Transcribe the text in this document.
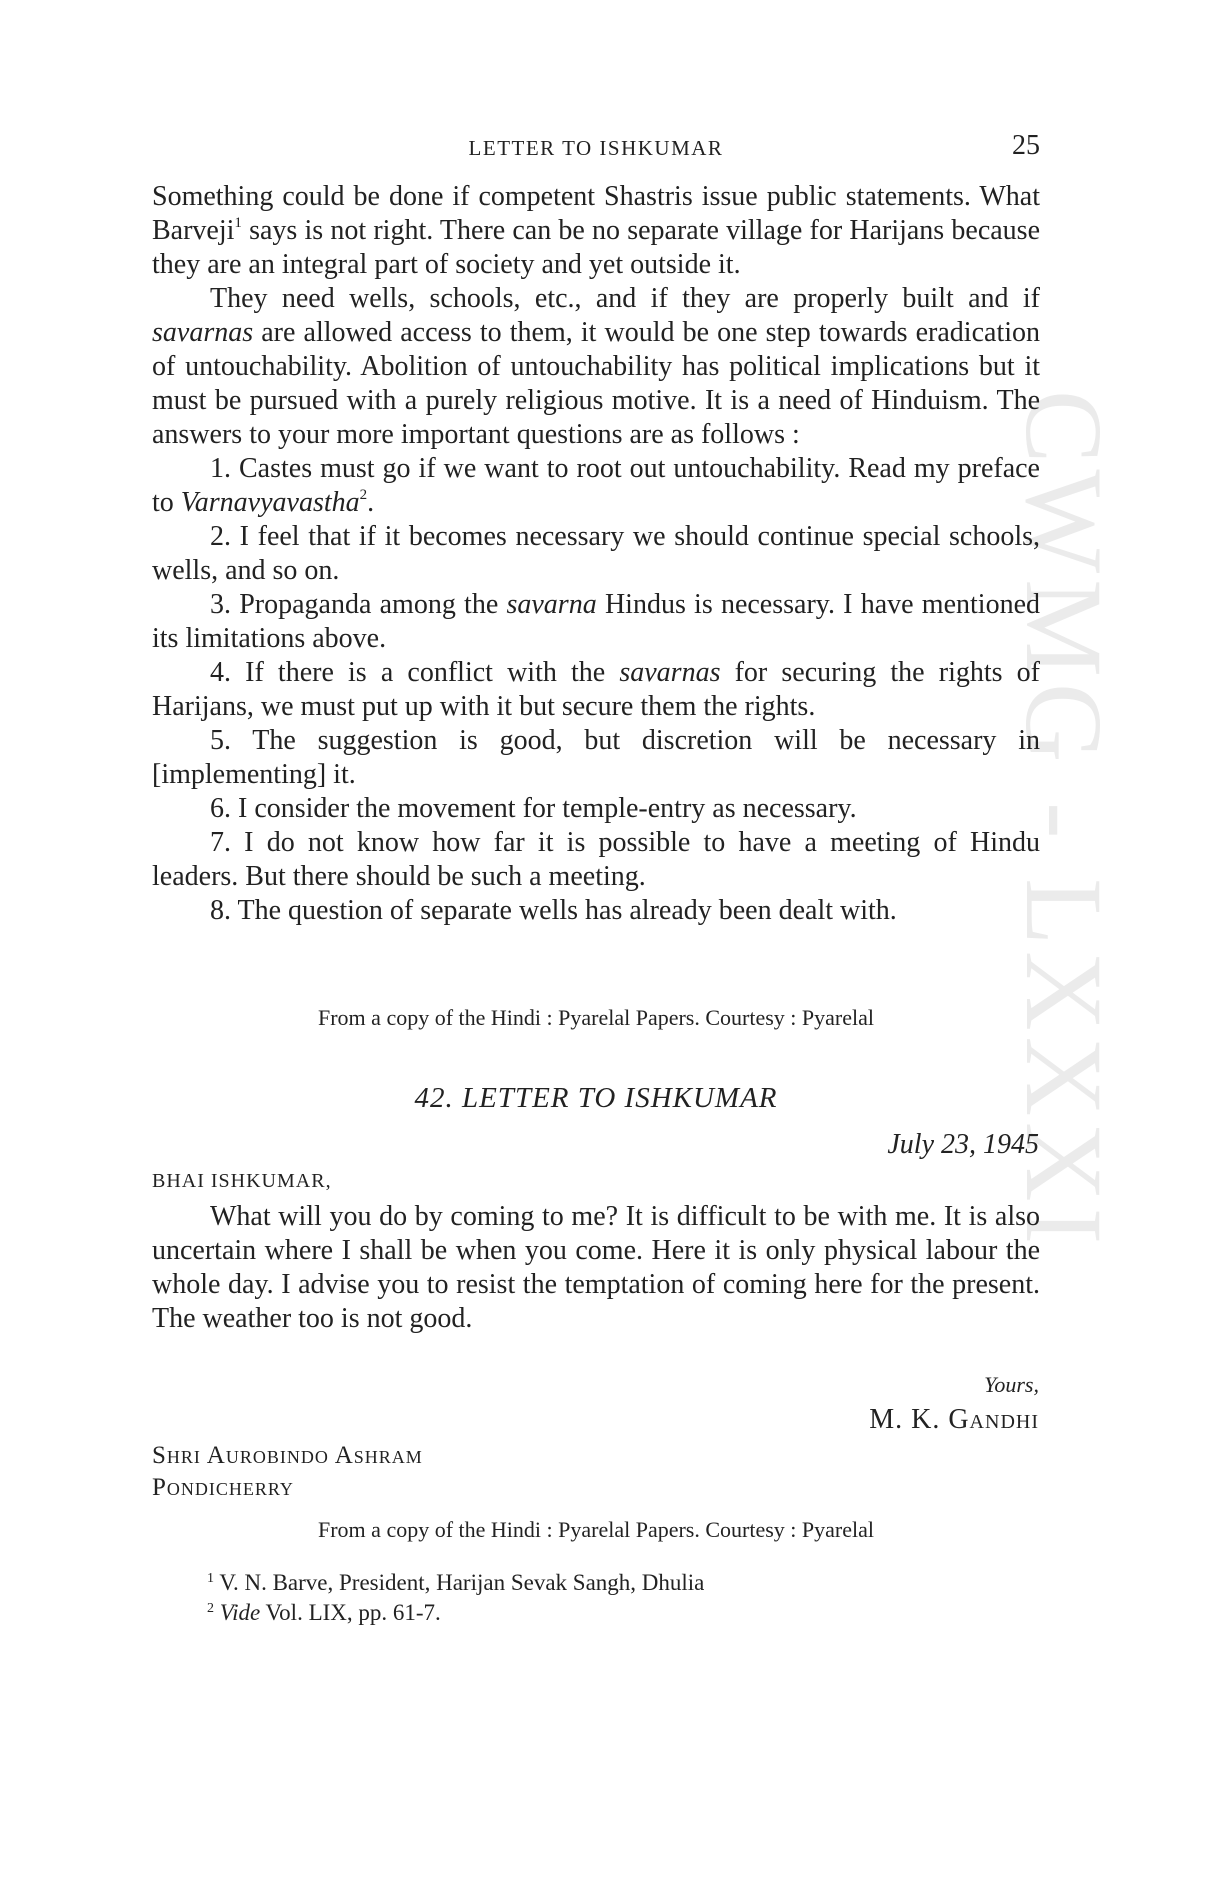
CWMG - LXXXI
LETTER TO ISHKUMAR	25

Something could be done if competent Shastris issue public statements. What Barveji$^1$ says is not right. There can be no separate village for Harijans because they are an integral part of society and yet outside it.

They need wells, schools, etc., and if they are properly built and if savarnas are allowed access to them, it would be one step towards eradication of untouchability. Abolition of untouchability has political implications but it must be pursued with a purely religious motive. It is a need of Hinduism. The answers to your more important questions are as follows :

1. Castes must go if we want to root out untouchability. Read my preface to Varnavyavastha$^2$.

2. I feel that if it becomes necessary we should continue special schools, wells, and so on.

3. Propaganda among the savarna Hindus is necessary. I have mentioned its limitations above.

4. If there is a conflict with the savarnas for securing the rights of Harijans, we must put up with it but secure them the rights.

5. The suggestion is good, but discretion will be necessary in [implementing] it.

6. I consider the movement for temple-entry as necessary.

7. I do not know how far it is possible to have a meeting of Hindu leaders. But there should be such a meeting.

8. The question of separate wells has already been dealt with.

From a copy of the Hindi : Pyarelal Papers. Courtesy : Pyarelal
42. LETTER TO ISHKUMAR
July 23, 1945
BHAI ISHKUMAR,

What will you do by coming to me? It is difficult to be with me. It is also uncertain where I shall be when you come. Here it is only physical labour the whole day. I advise you to resist the temptation of coming here for the present. The weather too is not good.

Yours,
M. K. Gandhi
Shri Aurobindo Ashram
Pondicherry
From a copy of the Hindi : Pyarelal Papers. Courtesy : Pyarelal
$^1$ V. N. Barve, President, Harijan Sevak Sangh, Dhulia
$^2$ Vide Vol. LIX, pp. 61-7.
